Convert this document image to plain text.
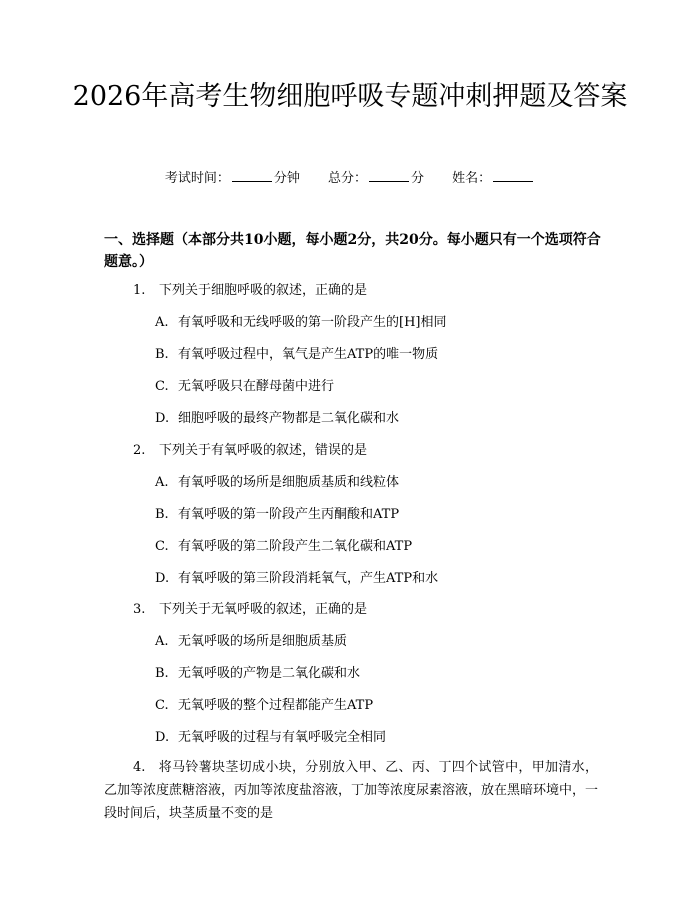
2026年高考生物细胞呼吸专题冲刺押题及答案
考试时间：	分钟 总分：	分 姓名：
一、选择题（本部分共10小题，每小题2分，共20分。每小题只有一个选项符合题意。）
1. 下列关于细胞呼吸的叙述，正确的是
A. 有氧呼吸和无线呼吸的第一阶段产生的[H]相同
B. 有氧呼吸过程中，氧气是产生ATP的唯一物质
C. 无氧呼吸只在酵母菌中进行
D. 细胞呼吸的最终产物都是二氧化碳和水
2. 下列关于有氧呼吸的叙述，错误的是
A. 有氧呼吸的场所是细胞质基质和线粒体
B. 有氧呼吸的第一阶段产生丙酮酸和ATP
C. 有氧呼吸的第二阶段产生二氧化碳和ATP
D. 有氧呼吸的第三阶段消耗氧气，产生ATP和水
3. 下列关于无氧呼吸的叙述，正确的是
A. 无氧呼吸的场所是细胞质基质
B. 无氧呼吸的产物是二氧化碳和水
C. 无氧呼吸的整个过程都能产生ATP
D. 无氧呼吸的过程与有氧呼吸完全相同

4. 将马铃薯块茎切成小块，分别放入甲、乙、丙、丁四个试管中，甲加清水，乙加等浓度蔗糖溶液，丙加等浓度盐溶液，丁加等浓度尿素溶液，放在黑暗环境中，一段时间后，块茎质量不变的是
